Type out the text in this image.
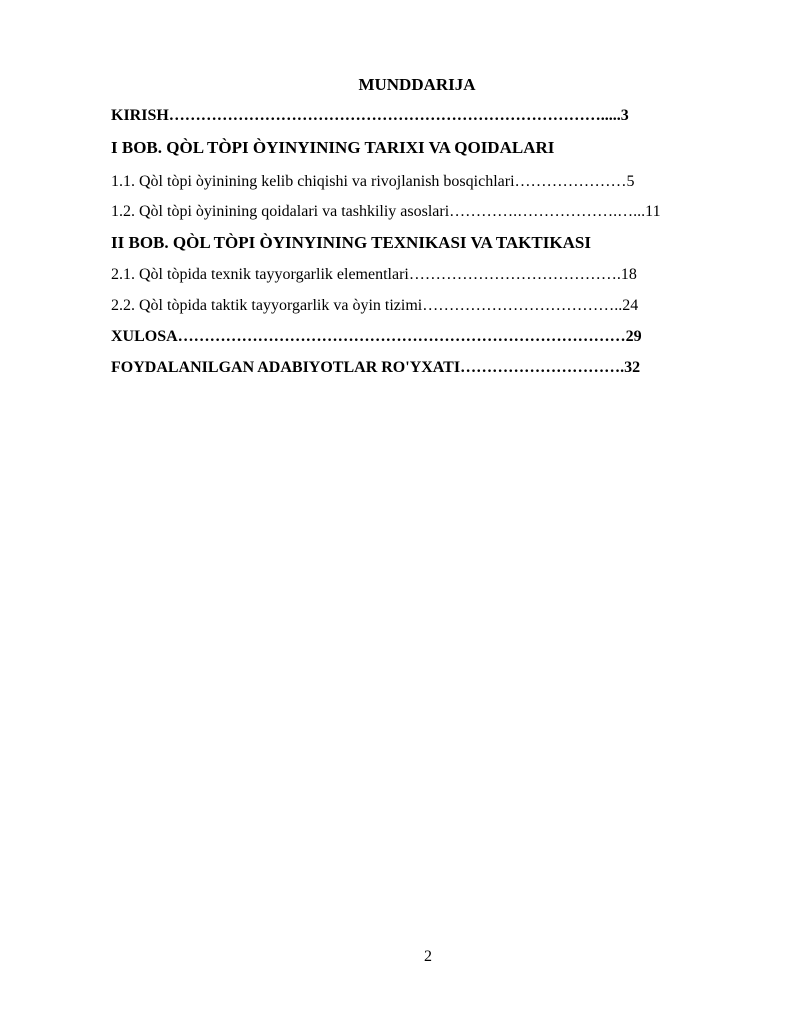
MUNDDARIJA
KIRISH……………………………………………………………………….....3
I BOB. QÒL TÒPI ÒYINYINING TARIXI VA QOIDALARI
1.1. Qòl tòpi òyinining kelib chiqishi va rivojlanish bosqichlari…………………5
1.2. Qòl tòpi òyinining qoidalari va tashkiliy asoslari………….……………….…...11
II BOB. QÒL TÒPI ÒYINYINING TEXNIKASI VA TAKTIKASI
2.1. Qòl tòpida texnik tayyorgarlik elementlari………………………………….18
2.2. Qòl tòpida taktik tayyorgarlik va òyin tizimi………………………………..24
XULOSA…………………………………………………………………………29
FOYDALANILGAN ADABIYOTLAR RO'YXATI………………………….32
2
